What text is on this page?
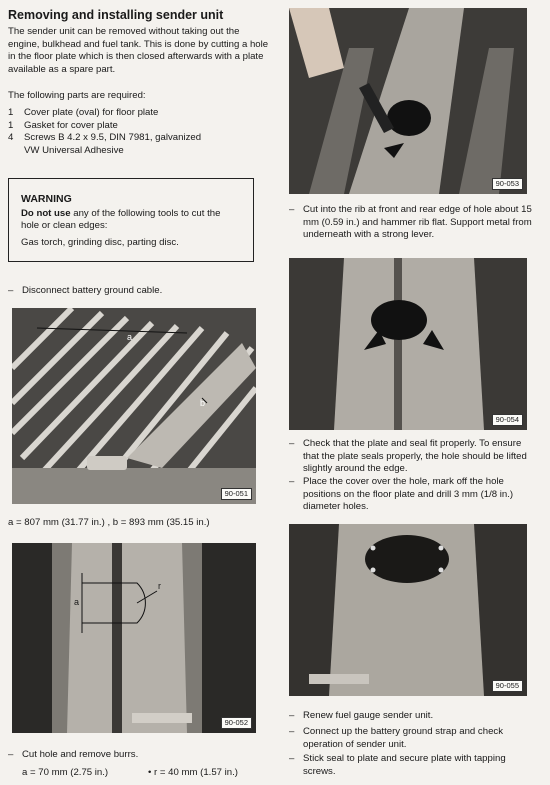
Removing and installing sender unit
The sender unit can be removed without taking out the engine, bulkhead and fuel tank. This is done by cutting a hole in the floor plate which is then closed afterwards with a plate available as a spare part.
The following parts are required:
1	Cover plate (oval) for floor plate
1	Gasket for cover plate
4	Screws B 4.2 x 9.5, DIN 7981, galvanized
VW Universal Adhesive
WARNING
Do not use any of the following tools to cut the hole or clean edges:
Gas torch, grinding disc, parting disc.
– Disconnect battery ground cable.
a
b
90-051
a = 807 mm (31.77 in.) , b = 893 mm (35.15 in.)
a
r
90-052
– Cut hole and remove burrs.
a = 70 mm (2.75 in.)	• r = 40 mm (1.57 in.)
90-053
– Cut into the rib at front and rear edge of hole about 15 mm (0.59 in.) and hammer rib flat. Support metal from underneath with a strong lever.
90-054
– Check that the plate and seal fit properly. To ensure that the plate seals properly, the hole should be lifted slightly around the edge.
– Place the cover over the hole, mark off the hole positions on the floor plate and drill 3 mm (1/8 in.) diameter holes.
90-055
– Renew fuel gauge sender unit.
– Connect up the battery ground strap and check operation of sender unit.
– Stick seal to plate and secure plate with tapping screws.
